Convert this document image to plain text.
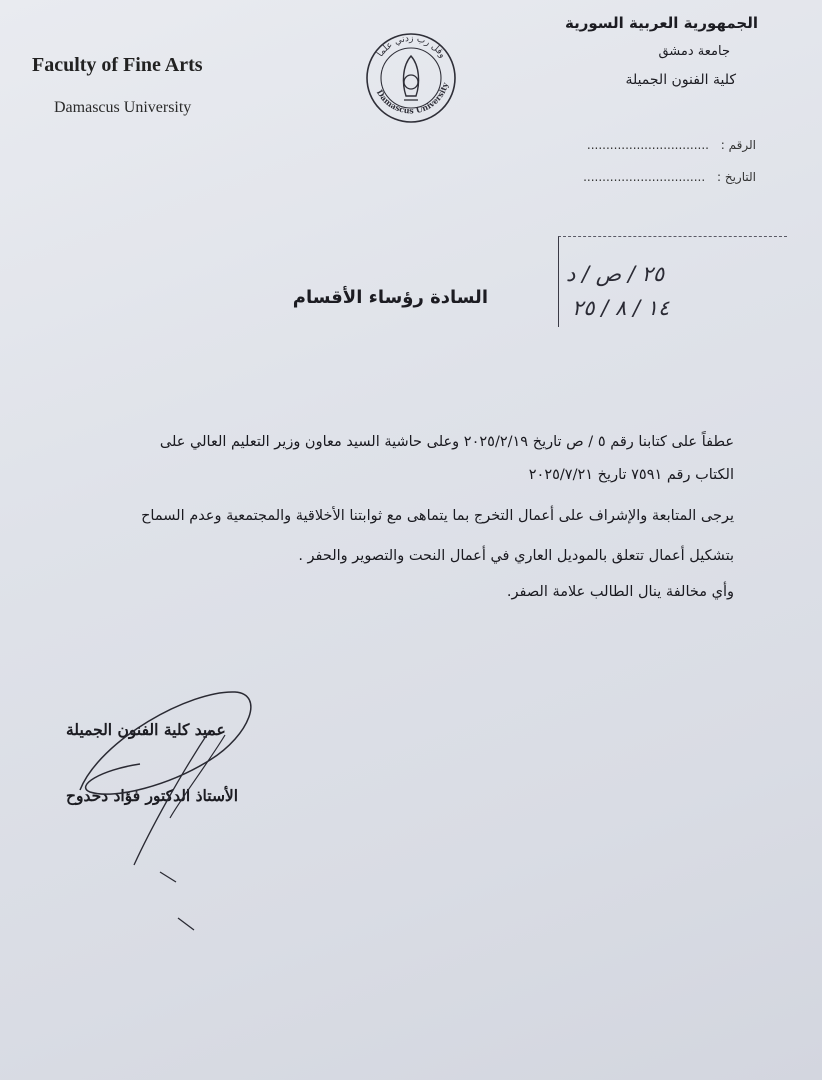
Faculty of Fine Arts
Damascus University
وقل رب زدني علما
Damascus University
الجمهورية العربية السورية
جامعة دمشق
كلية الفنون الجميلة
الرقم : ................................
التاريخ : ................................
٢٥ / ص / د
١٤ / ٨ / ٢٥
السادة رؤساء الأقسام
عطفاً على كتابنا رقم ٥ / ص تاريخ ٢٠٢٥/٢/١٩ وعلى حاشية السيد معاون وزير التعليم العالي على
الكتاب رقم ٧٥٩١ تاريخ ٢٠٢٥/٧/٢١
يرجى المتابعة والإشراف على أعمال التخرج بما يتماهى مع ثوابتنا الأخلاقية والمجتمعية وعدم السماح
بتشكيل أعمال تتعلق بالموديل العاري في أعمال النحت والتصوير والحفر .
وأي مخالفة ينال الطالب علامة الصفر.
عميد كلية الفنون الجميلة
الأستاذ الدكتور فؤاد دحدوح
